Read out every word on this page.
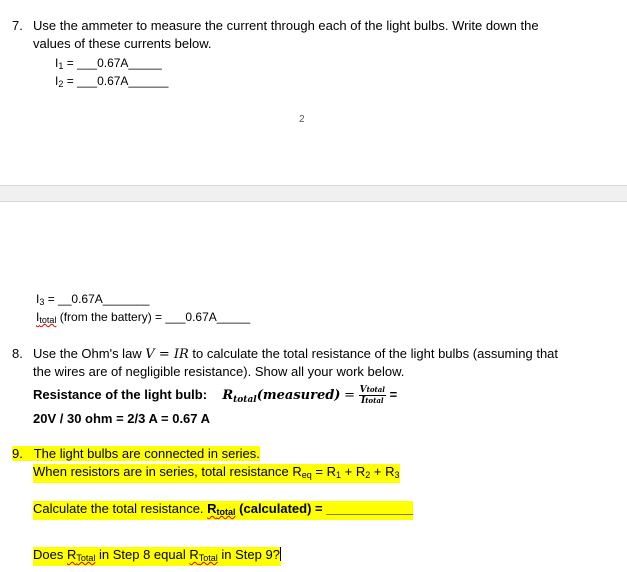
7. Use the ammeter to measure the current through each of the light bulbs. Write down the
values of these currents below.
$I_1$ = ___0.67A_____
$I_2$ = ___0.67A______
2
$I_3$ = __0.67A_______
$I_{total}$ (from the battery) = ___0.67A_____
8. Use the Ohm's law V = IR to calculate the total resistance of the light bulbs (assuming that
the wires are of negligible resistance). Show all your work below.
Resistance of the light bulb: $R_{total}(measured) = \frac{\text{Vtotal}}{\text{Itotal}}$ =
20V / 30 ohm = 2/3 A = 0.67 A
9. The light bulbs are connected in series.
When resistors are in series, total resistance $R_{eq} = R_1 + R_2 + R_3$
Calculate the total resistance. $R_{total}$ (calculated) = ____________
Does $R_{Total}$ in Step 8 equal $R_{Total}$ in Step 9?
